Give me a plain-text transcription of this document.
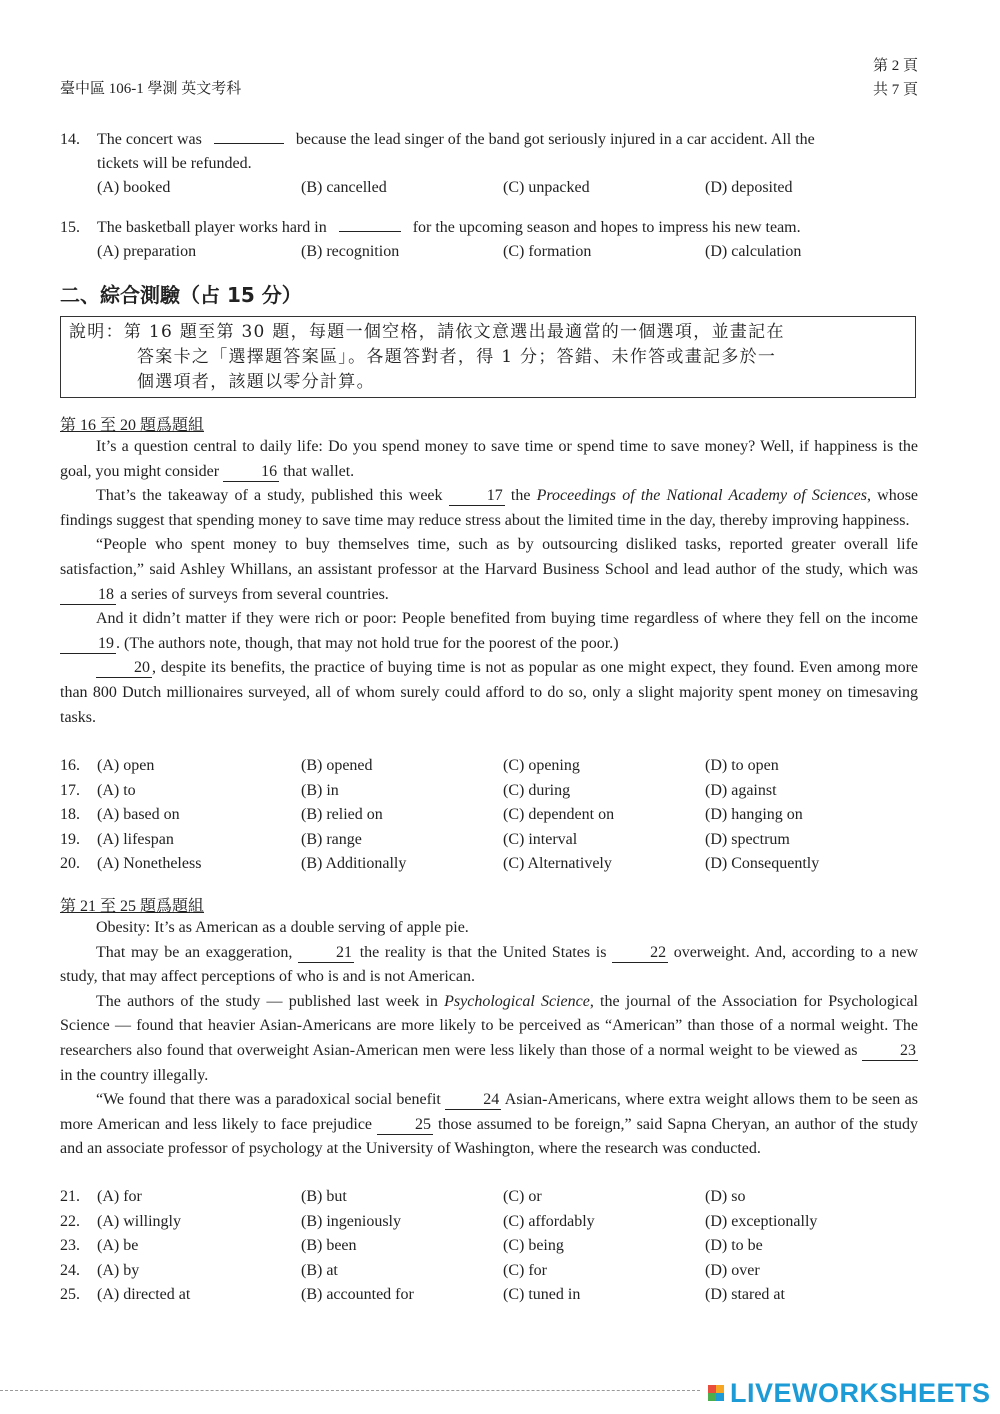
臺中區 106-1 學測 英文考科
第 2 頁
共 7 頁
14. The concert was	because the lead singer of the band got seriously injured in a car accident. All the
tickets will be refunded.
(A) booked	(B) cancelled	(C) unpacked	(D) deposited
15. The basketball player works hard in	for the upcoming season and hopes to impress his new team.
(A) preparation	(B) recognition	(C) formation	(D) calculation
二、綜合測驗（占 15 分）
說明：第 16 題至第 30 題，每題一個空格，請依文意選出最適當的一個選項，並畫記在
答案卡之「選擇題答案區」。各題答對者，得 1 分；答錯、未作答或畫記多於一
個選項者，該題以零分計算。
第 16 至 20 題爲題組

It’s a question central to daily life: Do you spend money to save time or spend time to save money? Well, if happiness is the goal, you might consider	16 that wallet.

That’s the takeaway of a study, published this week	17 the Proceedings of the National Academy of Sciences, whose findings suggest that spending money to save time may reduce stress about the limited time in the day, thereby improving happiness.

“People who spent money to buy themselves time, such as by outsourcing disliked tasks, reported greater overall life satisfaction,” said Ashley Whillans, an assistant professor at the Harvard Business School and lead author of the study, which was 18 a series of surveys from several countries.

And it didn’t matter if they were rich or poor: People benefited from buying time regardless of where they fell on the income 19 . (The authors note, though, that may not hold true for the poorest of the poor.)

20 , despite its benefits, the practice of buying time is not as popular as one might expect, they found. Even among more than 800 Dutch millionaires surveyed, all of whom surely could afford to do so, only a slight majority spent money on timesaving tasks.

16. (A) open	(B) opened	(C) opening	(D) to open
17. (A) to	(B) in	(C) during	(D) against
18. (A) based on	(B) relied on	(C) dependent on	(D) hanging on
19. (A) lifespan	(B) range	(C) interval	(D) spectrum
20. (A) Nonetheless	(B) Additionally	(C) Alternatively	(D) Consequently
第 21 至 25 題爲題組

Obesity: It’s as American as a double serving of apple pie.

That may be an exaggeration,	21 the reality is that the United States is	22 overweight. And, according to a new study, that may affect perceptions of who is and is not American.

The authors of the study — published last week in Psychological Science, the journal of the Association for Psychological Science — found that heavier Asian-Americans are more likely to be perceived as “American” than those of a normal weight. The researchers also found that overweight Asian-American men were less likely than those of a normal weight to be viewed as	23 in the country illegally.

“We found that there was a paradoxical social benefit	24 Asian-Americans, where extra weight allows them to be seen as more American and less likely to face prejudice	25 those assumed to be foreign,” said Sapna Cheryan, an author of the study and an associate professor of psychology at the University of Washington, where the research was conducted.

21. (A) for	(B) but	(C) or	(D) so
22. (A) willingly	(B) ingeniously	(C) affordably	(D) exceptionally
23. (A) be	(B) been	(C) being	(D) to be
24. (A) by	(B) at	(C) for	(D) over
25. (A) directed at	(B) accounted for	(C) tuned in	(D) stared at
LIVEWORKSHEETS
